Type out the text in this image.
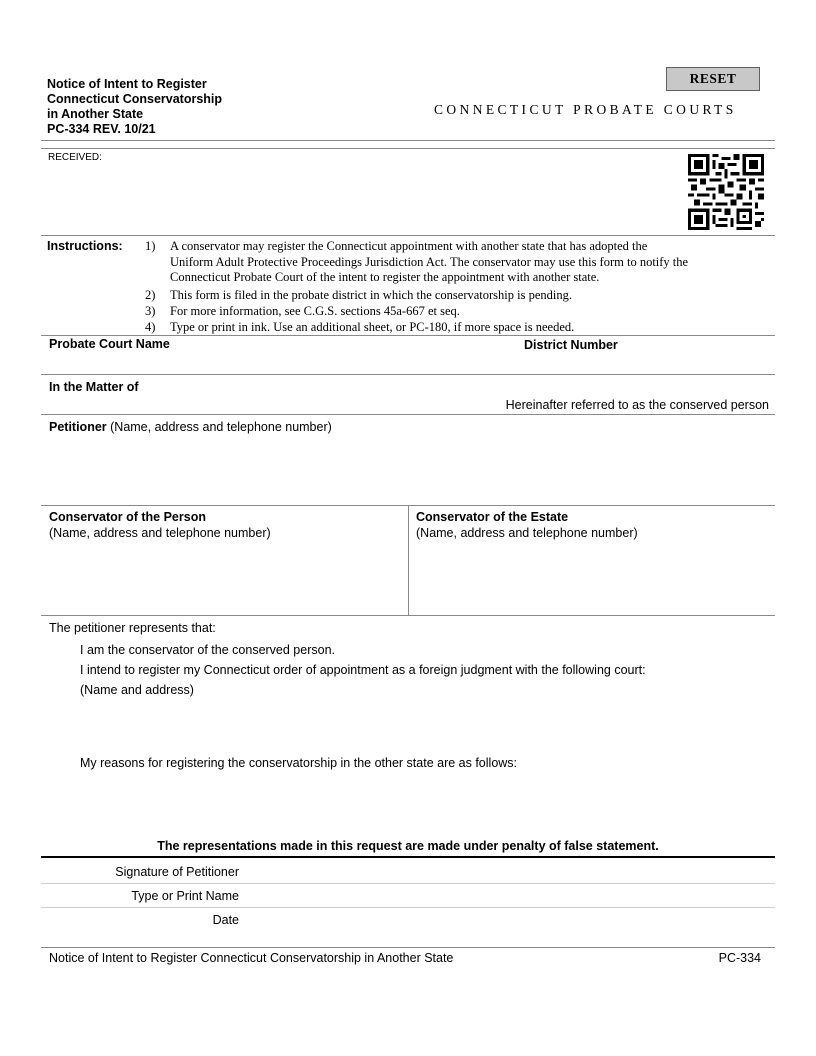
Notice of Intent to Register
Connecticut Conservatorship
in Another State
PC-334 REV. 10/21
RESET
CONNECTICUT PROBATE COURTS
RECEIVED:
Instructions: 1) A conservator may register the Connecticut appointment with another state that has adopted the
Uniform Adult Protective Proceedings Jurisdiction Act. The conservator may use this form to notify the
Connecticut Probate Court of the intent to register the appointment with another state.
2) This form is filed in the probate district in which the conservatorship is pending.
3) For more information, see C.G.S. sections 45a-667 et seq.
4) Type or print in ink. Use an additional sheet, or PC-180, if more space is needed.
Probate Court Name	District Number
In the Matter of
Hereinafter referred to as the conserved person
Petitioner (Name, address and telephone number)
Conservator of the Person
(Name, address and telephone number)
Conservator of the Estate
(Name, address and telephone number)
The petitioner represents that:
I am the conservator of the conserved person.
I intend to register my Connecticut order of appointment as a foreign judgment with the following court:
(Name and address)
My reasons for registering the conservatorship in the other state are as follows:
The representations made in this request are made under penalty of false statement.
Signature of Petitioner
Type or Print Name
Date
Notice of Intent to Register Connecticut Conservatorship in Another State	PC-334
